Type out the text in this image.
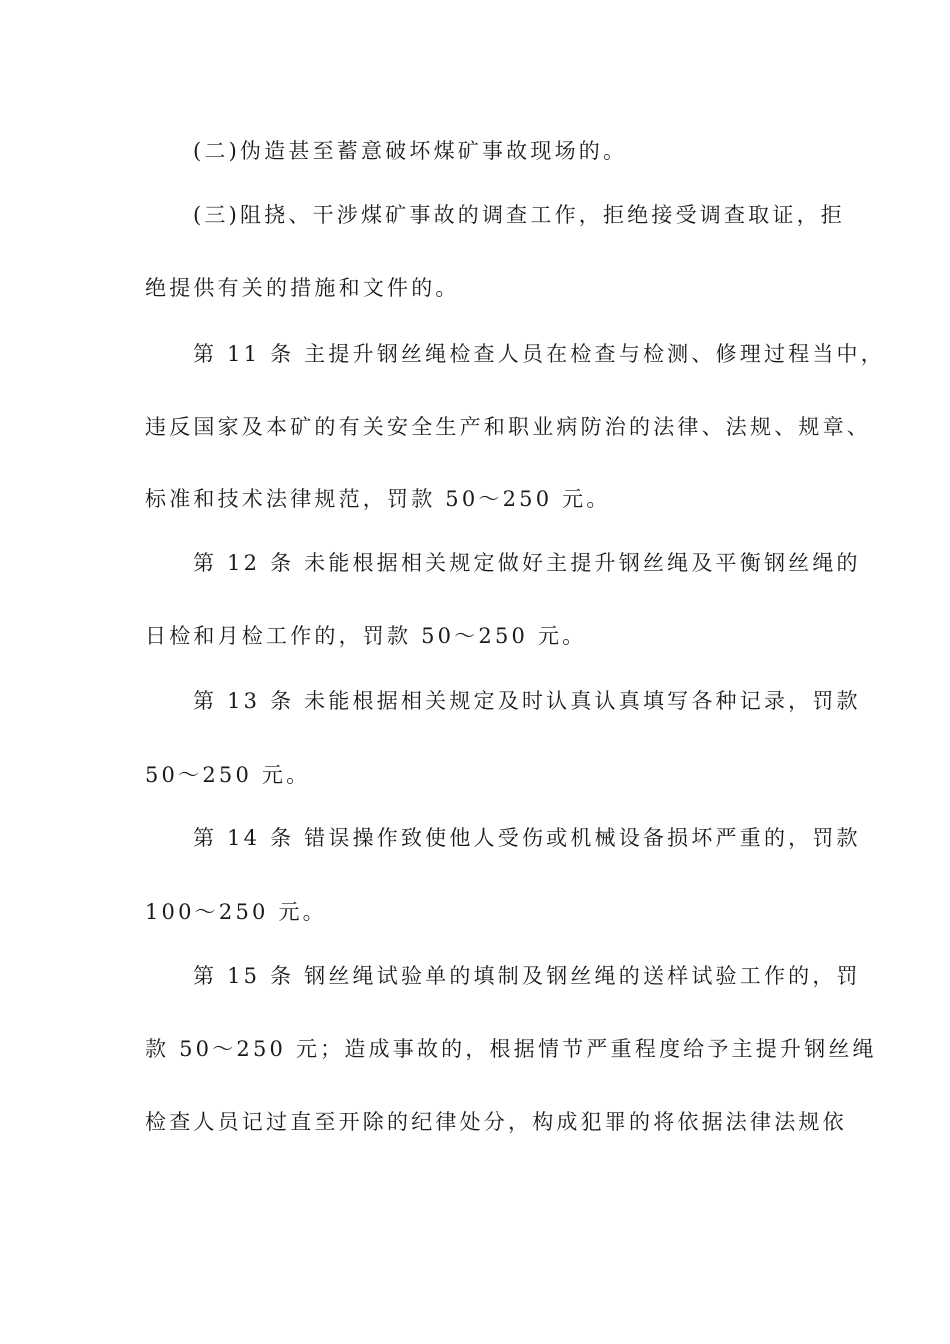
(二)伪造甚至蓄意破坏煤矿事故现场的。
(三)阻挠、干涉煤矿事故的调查工作，拒绝接受调查取证，拒
绝提供有关的措施和文件的。
第 11 条 主提升钢丝绳检查人员在检查与检测、修理过程当中，
违反国家及本矿的有关安全生产和职业病防治的法律、法规、规章、
标准和技术法律规范，罚款 50～250 元。
第 12 条 未能根据相关规定做好主提升钢丝绳及平衡钢丝绳的
日检和月检工作的，罚款 50～250 元。
第 13 条 未能根据相关规定及时认真认真填写各种记录，罚款
50～250 元。
第 14 条 错误操作致使他人受伤或机械设备损坏严重的，罚款
100～250 元。
第 15 条 钢丝绳试验单的填制及钢丝绳的送样试验工作的，罚
款 50～250 元；造成事故的，根据情节严重程度给予主提升钢丝绳
检查人员记过直至开除的纪律处分，构成犯罪的将依据法律法规依
